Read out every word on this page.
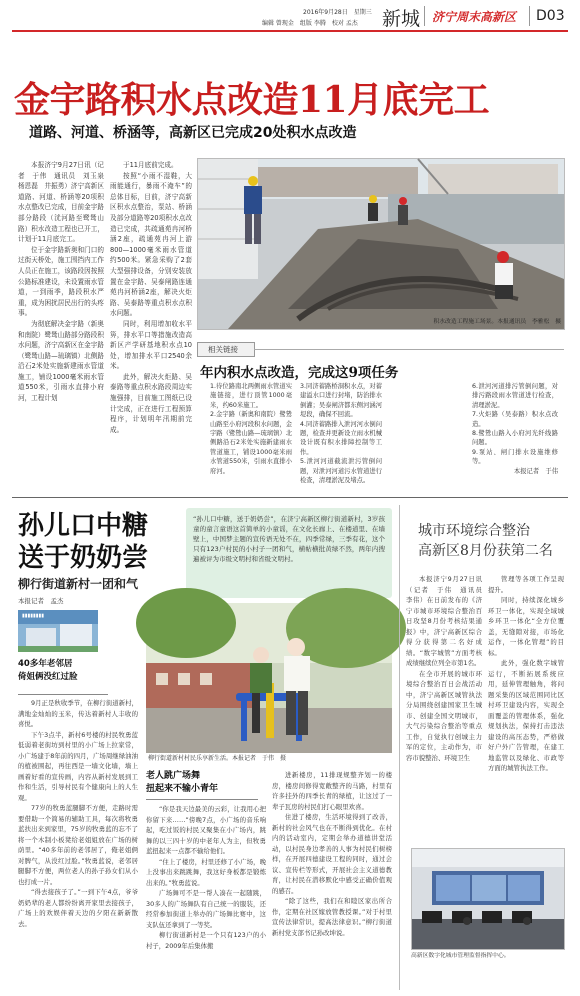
2016年9月28日　星期三
编辑 曾现金　组版 李腾　校对 孟杰 新城 济宁周末高新区 D03
金宇路积水点改造11月底完工
道路、河道、桥涵等，高新区已完成20处积水点改造

本报济宁9月27日讯（记者　于伟　通讯员　刘玉泉　杨恩磊　井振勇）济宁高新区道路、河道、桥涵等20项积水点整改已完成，目前金宇路部分路段（洸河路至鹭鸶山路）积水改造工程也已开工，计划于11月底完工。

位于金宇路新奥和门口的过街天桥处，施工围挡内工作人员正在施工，该路段因按照公路标准建设，未设置雨水管道，一到雨季，路段积水严重，成为困扰居民出行的头疼事。

为彻底解决金宇路（新奥和南院）鹭鸶山路部分路段积水问题，济宁高新区在金宇路（鹭鸶山路—琉璃镇）北侧路沿石2米处实施新建雨水管道施工，铺设1000毫米雨水管道550米，引雨水直排小府河，工程计划

于11月底前完成。

按照“小雨不湿鞋，大雨能通行，暴雨不淹车”的总体目标，目前，济宁高新区积水点整治，泵站、桥涵及部分道路等20项积水点改造已完成，共疏通苑冉河桥涵2座，疏通苑冉河上游800—1000毫米雨水管道约500米。紧急采购了2套大型强排设备，分别安装放置在金宇路、吴泰闸路连通苑冉河桥涵2座，解决火炬路、吴泰路等重点积水点积水问题。

同时，利用增加收水平箅，排水平口等措施改造高新区产学研基地积水点10处，增加排水平口2540余米。

此外，解决火炬路、吴泰路等重点积水路段周边实施强排，目前施工图纸已设计完成，正在进行工程预算程序，计划明年汛期前完成。

积水改造工程施工场景。本报通讯员　李雅松　摄
相关链接
年内积水点改造，完成这9项任务
1.待位路南北两侧雨水管道实施链接，进行顶管1000毫米，约60米施工。
2.金宇路（新奥和南院）鹭鸶山路至小府河段积水问题，金宇路（鹭鸶山路—琉璃镇）北侧路沿石2米处实施新建雨水管道施工，铺设1000毫米雨水管道550米，引雨水直排小府河。
3.同济蓄路桥洞积水点，对蓄建溢水口进行封堵，防治排水倒灌；吴泰闸济都东侧河涵河堤段，确保不回流。
4.同济蓄路排入泄河河水倒问题，检查并更新设立雨水机械设计既有积水排障控制等工作。
5.泄河河道截流泄污管倒问题，对泄河河道污水管道进行检查，清理淤泥及堵点。
6.泄河河道排污管倒问题，对排污路段雨水管道进行检查，清理淤泥。
7.火炬路（吴泰路）积水点改造。
8.鹭鸶山路入小府河光纤线路问题。
9.泵站、闸门排水设施维修等。
本报记者　于伟
孙儿口中糖
送于奶奶尝
柳行街道新村一团和气
本报记者　孟杰
“孙儿口中糖，送于奶奶尝”，在济宁高新区柳行街道新村，3岁孩童的童言童语这首简单的小童谣，在文化长廊上、在楼道里、在墙壁上，中国梦主题的宣传语无处不在，四季常绿，三季有花，这个只有123户村民的小村子一团和气，横帖横批黄绿不然，两年内搜遍被评为市级文明村和省级文明村。
▮▮▮▮▮▮▮▮
40多年老邻居
倚姐俩没红过脸

9月正是秋收季节，在柳行街道新村，满地金灿灿的玉米，传达着新村人丰收的喜悦。

下午3点半，新村6号楼的村民牧勇蓝低弱着老街坊到村里的小广场上拉家常，小广场建于8年前的四月，广场周继绿油油的植被围起，再往西是一墙文化墙，墙上画着好看的宣传画，内容从新村发展到工作和生活，引导村民有个健康向上的人生观。

77岁的牧勇蓝腿脚不方便，走路时需要借助一个简易的辅助工具，每次将牧勇蓝扶出来到家里，75岁的牧勇蓝的忘不了将一个木制小板凳给老姐姐放在广场的树荫里。“40多年前的老邻居了，俺老姐俩对脾气，从没红过脸。”牧勇蓝说，老邻居腿脚不方便，两位老人的孙子孙女们从小也打成一片。

“得去接孩子了。”一到下午4点，爷爷奶奶辈的老人都纷纷离开家里去接孩子，广场上的欢娱伴着天边的夕阳在新新散去。

柳行街道新村村民乐享新生活。本报记者　于伟　摄
老人跳广场舞
扭起来不输小青年

“你是我天边最美的云彩，让我用心把你留下来……”傍晚7点，小广场的音乐响起，吃过饭的村民又聚集在小广场内，跳舞的以三四十岁的中老年人为主，但牧勇蓝扭起来一点都不输给他们。

“住上了楼房，村里还修了小广场，晚上没事出来跳跳舞，我这好身板都是锻炼出来的。”牧勇蓝说。

广场舞可不是一帮人凑在一起随跳，30多人的广场舞队有自己统一的服装，还经常参加街道上举办的广场舞比赛中，这支队伍还拿到了一等奖。

柳行街道新村是一个只有123户的小村子，2009年后集体搬

进新楼房，11排现规整齐划一的楼房，楼房间修得宽敞整齐的马路，村里有许多挂外的四季长青的绿植，让这过了一辈子瓦房的村民们打心眼里欢喜。

住进了楼房，生活环境得到了改善，新村的社会风气也在不断得到优化。在村内的活动室内，定期会举办道德讲堂活动，以村民身边孝善的人事为村民们树榜样，在开展四德建设工程的同时，通过会议、宣传栏等形式，开展社会主义道德教育，让村民在潜移默化中感受正确价值观的感召。

“除了这些，我们在和睦区家出所合作，定期在社区嫁放管教授课。”对于村里宣传法律常识，提高法律意识。”柳行街道新村党支部书记孙改坤说。

城市环境综合整治
高新区8月份获第二名

本报济宁9月27日讯（记者　于伟　通讯员　李伟）在日前发布的《济宁市城市环境综合整治百日攻坚8月份考核结果通报》中，济宁高新区综合得分获得第二名好成绩。“数字城管”方面考核成绩继续位列全市第1名。

在全市开展的城市环境综合整治百日会战活动中，济宁高新区城管执法分局围绕创建国家卫生城市、创建全国文明城市，大气污染综合整治等重点工作，自觉执行创城主力军的定位，主动作为，市容市貌整治、环境卫生

管理等各项工作呈现提升。

同时，持续深化城乡环卫一体化，实现全域城乡环卫一体化“全方位覆盖，无缝隙对接，市场化运作，一体化管理”的目标。

此外，强化数字城管运行，不断拓展系统应用，延伸管理触角，将问题采集的区域范围同比区村环卫建设内容，实现全面覆盖的管理体系，强化规划执法，保持打击违法建设的高压态势，严格做好户外广告管理，在建工地监管以及绿化、市政等方面的城管执法工作。

高新区数字化城市管理监督指挥中心。
